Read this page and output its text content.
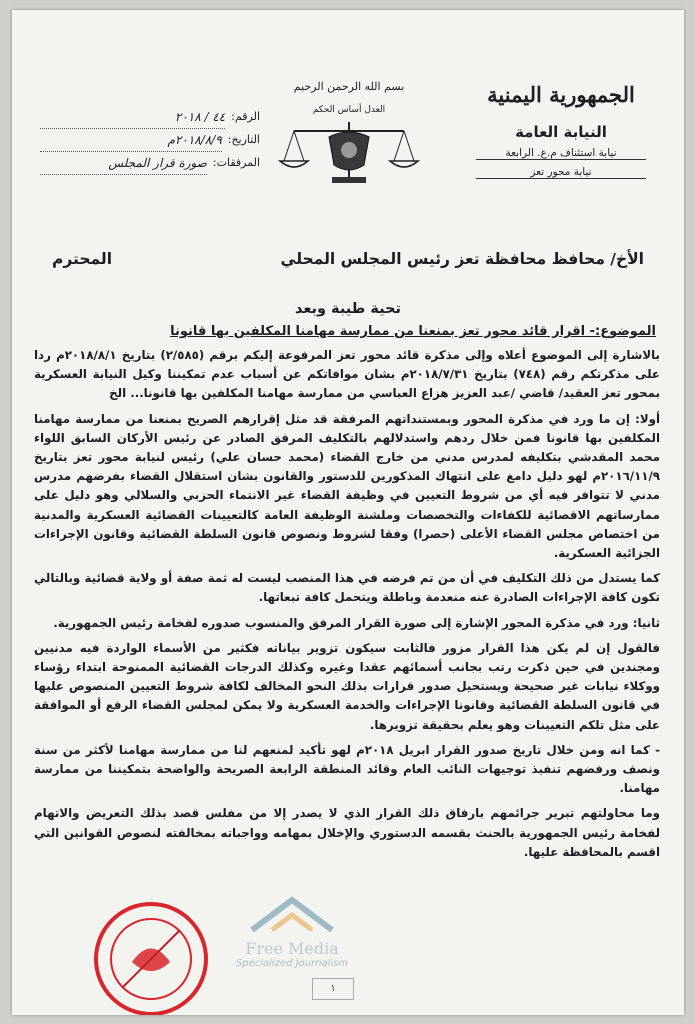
الجمهورية اليمنية
النيابة العامة
نيابة استئناف م.ع. الرابعة
نيابة محور تعز
بسم الله الرحمن الرحيم
العدل أساس الحكم
الرقم:
٤٤ / ٢٠١٨
التاريخ:
٢٠١٨/٨/٩م
المرفقات:
صورة قرار المجلس
الأخ/ محافظ محافظة تعز رئيس المجلس المحلي
المحترم
تحية طيبة وبعد
الموضوع:- اقرار قائد محور تعز بمنعنا من ممارسة مهامنا المكلفين بها قانونا

بالاشارة إلى الموضوع أعلاه وإلى مذكرة قائد محور تعز المرفوعة إليكم برقم (٢/٥٨٥) بتاريخ ٢٠١٨/٨/١م ردا على مذكرتكم رقم (٧٤٨) بتاريخ ٢٠١٨/٧/٣١م بشان موافاتكم عن أسباب عدم تمكيننا وكيل النيابة العسكرية بمحور تعز العقيد/ قاضي /عبد العزيز هزاع العباسي من ممارسة مهامنا المكلفين بها قانونا... الخ

أولا: إن ما ورد في مذكرة المحور وبمستنداتهم المرفقة قد مثل إقرارهم الصريح بمنعنا من ممارسة مهامنا المكلفين بها قانونا فمن خلال ردهم واستدلالهم بالتكليف المرفق الصادر عن رئيس الأركان السابق اللواء محمد المقدشي بتكليفه لمدرس مدني من خارج القضاء (محمد حسان علي) رئيس لنيابة محور تعز بتاريخ ٢٠١٦/١١/٩م لهو دليل دامغ على انتهاك المذكورين للدستور والقانون بشان استقلال القضاء بفرضهم مدرس مدني لا تتوافر فيه أي من شروط التعيين في وظيفة القضاء غير الانتماء الحزبي والسلالي وهو دليل على ممارساتهم الاقصائية للكفاءات والتخصصات وملشنة الوظيفة العامة كالتعيينات القضائية العسكرية والمدنية من اختصاص مجلس القضاء الأعلى (حصرا) وفقا لشروط ونصوص قانون السلطة القضائية وقانون الإجراءات الجزائية العسكرية.

كما يستدل من ذلك التكليف في أن من تم فرضه في هذا المنصب ليست له ثمة صفة أو ولاية قضائية وبالتالي تكون كافة الإجراءات الصادرة عنه منعدمة وباطلة ويتحمل كافة تبعاتها.

ثانيا: ورد في مذكرة المحور الإشارة إلى صورة القرار المرفق والمنسوب صدوره لفخامة رئيس الجمهورية.

فالقول إن لم يكن هذا القرار مزور فالثابت سيكون تزوير بياناته فكثير من الأسماء الواردة فيه مدنيين ومجندين في حين ذكرت رتب بجانب أسمائهم عقدا وغيره وكذلك الدرجات القضائية الممنوحة ابتداء رؤساء ووكلاء نيابات غير صحيحة ويستحيل صدور قرارات بذلك النحو المخالف لكافة شروط التعيين المنصوص عليها في قانون السلطة القضائية وقانونا الإجراءات والخدمة العسكرية ولا يمكن لمجلس القضاء الرفع أو الموافقة على مثل تلكم التعيينات وهو يعلم بحقيقة تزويرها.

- كما انه ومن خلال تاريخ صدور القرار ابريل ٢٠١٨م لهو تأكيد لمنعهم لنا من ممارسة مهامنا لأكثر من سنة ونصف ورفضهم تنفيذ توجيهات النائب العام وقائد المنطقة الرابعة الصريحة والواضحة بتمكيننا من ممارسة مهامنا.

وما محاولتهم تبرير جرائمهم بارفاق ذلك القرار الذي لا يصدر إلا من مفلس قصد بذلك التعريض والاتهام لفخامة رئيس الجمهورية بالحنث بقسمه الدستوري والإخلال بمهامه وواجباته بمخالفته لنصوص القوانين التي اقسم بالمحافظة عليها.

Free Media
Specialized Journalism
١
